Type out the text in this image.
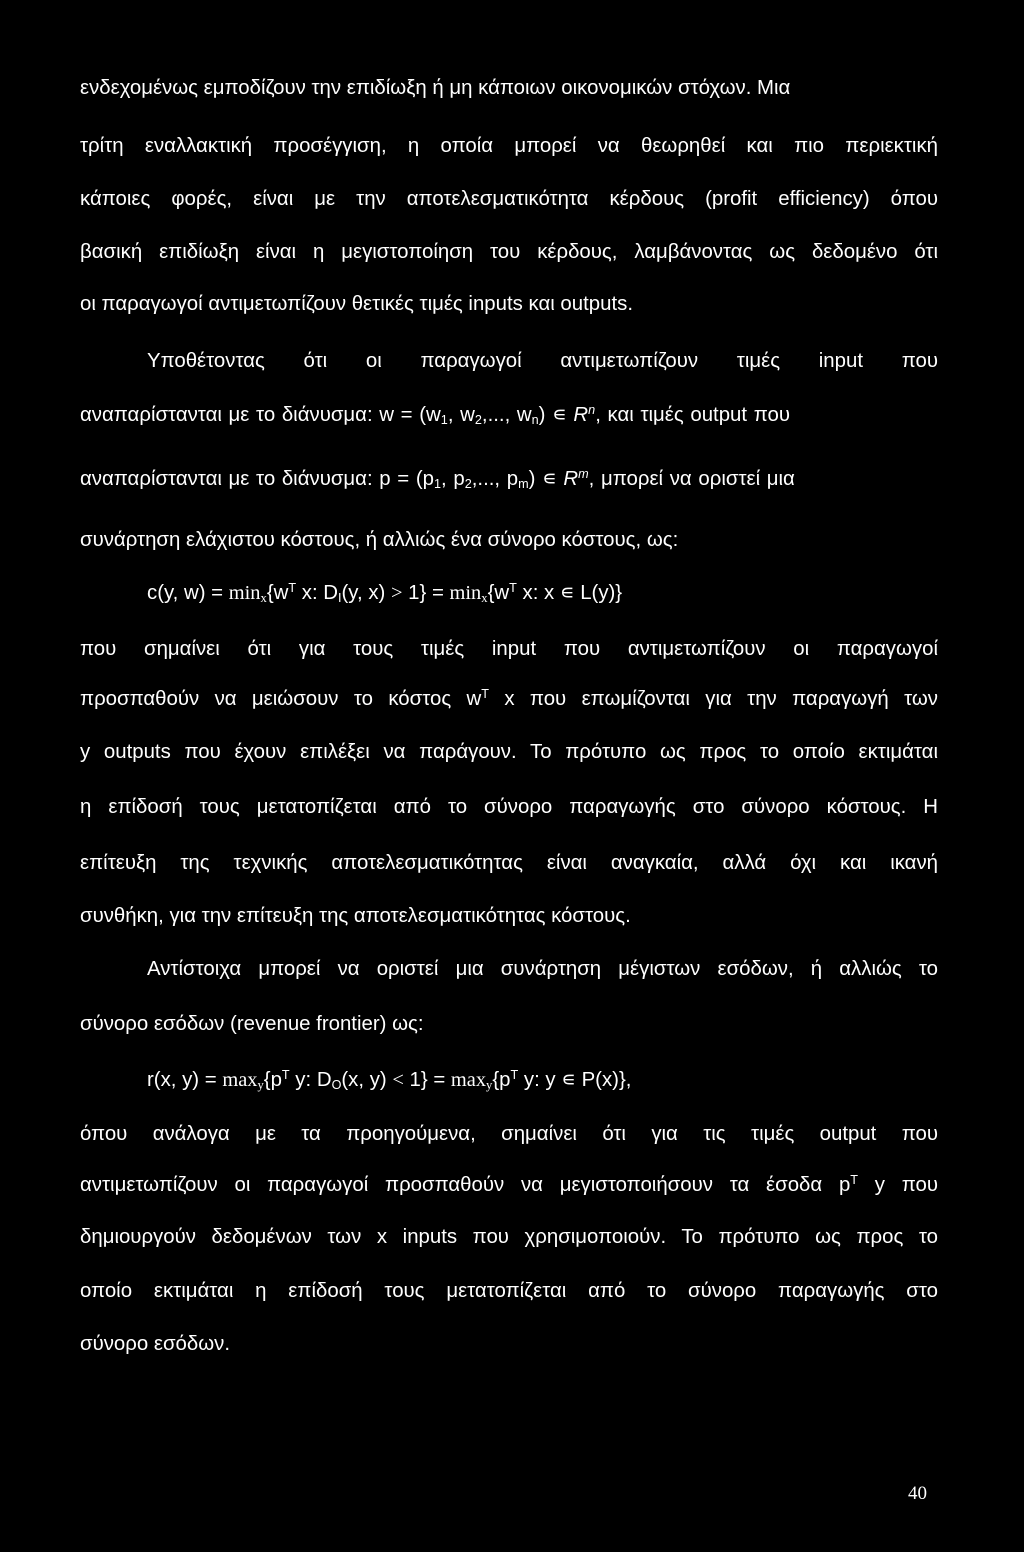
ενδεχομένως εμποδίζουν την επιδίωξη ή μη κάποιων οικονομικών στόχων. Μια
τρίτη εναλλακτική προσέγγιση, η οποία μπορεί να θεωρηθεί και πιο περιεκτική
κάποιες φορές, είναι με την αποτελεσματικότητα κέρδους (profit efficiency) όπου
βασική επιδίωξη είναι η μεγιστοποίηση του κέρδους, λαμβάνοντας ως δεδομένο ότι
οι παραγωγοί αντιμετωπίζουν θετικές τιμές inputs και outputs.
Υποθέτοντας ότι οι παραγωγοί αντιμετωπίζουν τιμές input που
αναπαρίστανται με το διάνυσμα: $w = (w_1$, $w_2$,..., $w_n$) ∊ $R^n$, και τιμές output που
αναπαρίστανται με το διάνυσμα: $p = (p_1$, $p_2$,..., $p_m$) ∊ $R^m$, μπορεί να οριστεί μια
συνάρτηση ελάχιστου κόστους, ή αλλιώς ένα σύνορο κόστους, ως:
c(y, $w) = \min_x\{w^T$ x: $D_I(y$, $x) > 1\} = \min_x\{w^T$ x: x ∊ L(y)}
που σημαίνει ότι για τους τιμές input που αντιμετωπίζουν οι παραγωγοί
προσπαθούν να μειώσουν το κόστος $w^T$ x που επωμίζονται για την παραγωγή των
y outputs που έχουν επιλέξει να παράγουν. Το πρότυπο ως προς το οποίο εκτιμάται
η επίδοσή τους μετατοπίζεται από το σύνορο παραγωγής στο σύνορο κόστους. Η
επίτευξη της τεχνικής αποτελεσματικότητας είναι αναγκαία, αλλά όχι και ικανή
συνθήκη, για την επίτευξη της αποτελεσματικότητας κόστους.
Αντίστοιχα μπορεί να οριστεί μια συνάρτηση μέγιστων εσόδων, ή αλλιώς το
σύνορο εσόδων (revenue frontier) ως:
r(x, $y) = \max_y\{p^T$ y: $D_O(x$, $y) < 1\} = \max_y\{p^T$ y: y ∊ P(x)},
όπου ανάλογα με τα προηγούμενα, σημαίνει ότι για τις τιμές output που
αντιμετωπίζουν οι παραγωγοί προσπαθούν να μεγιστοποιήσουν τα έσοδα $p^T$ y που
δημιουργούν δεδομένων των x inputs που χρησιμοποιούν. Το πρότυπο ως προς το
οποίο εκτιμάται η επίδοσή τους μετατοπίζεται από το σύνορο παραγωγής στο
σύνορο εσόδων.
40
